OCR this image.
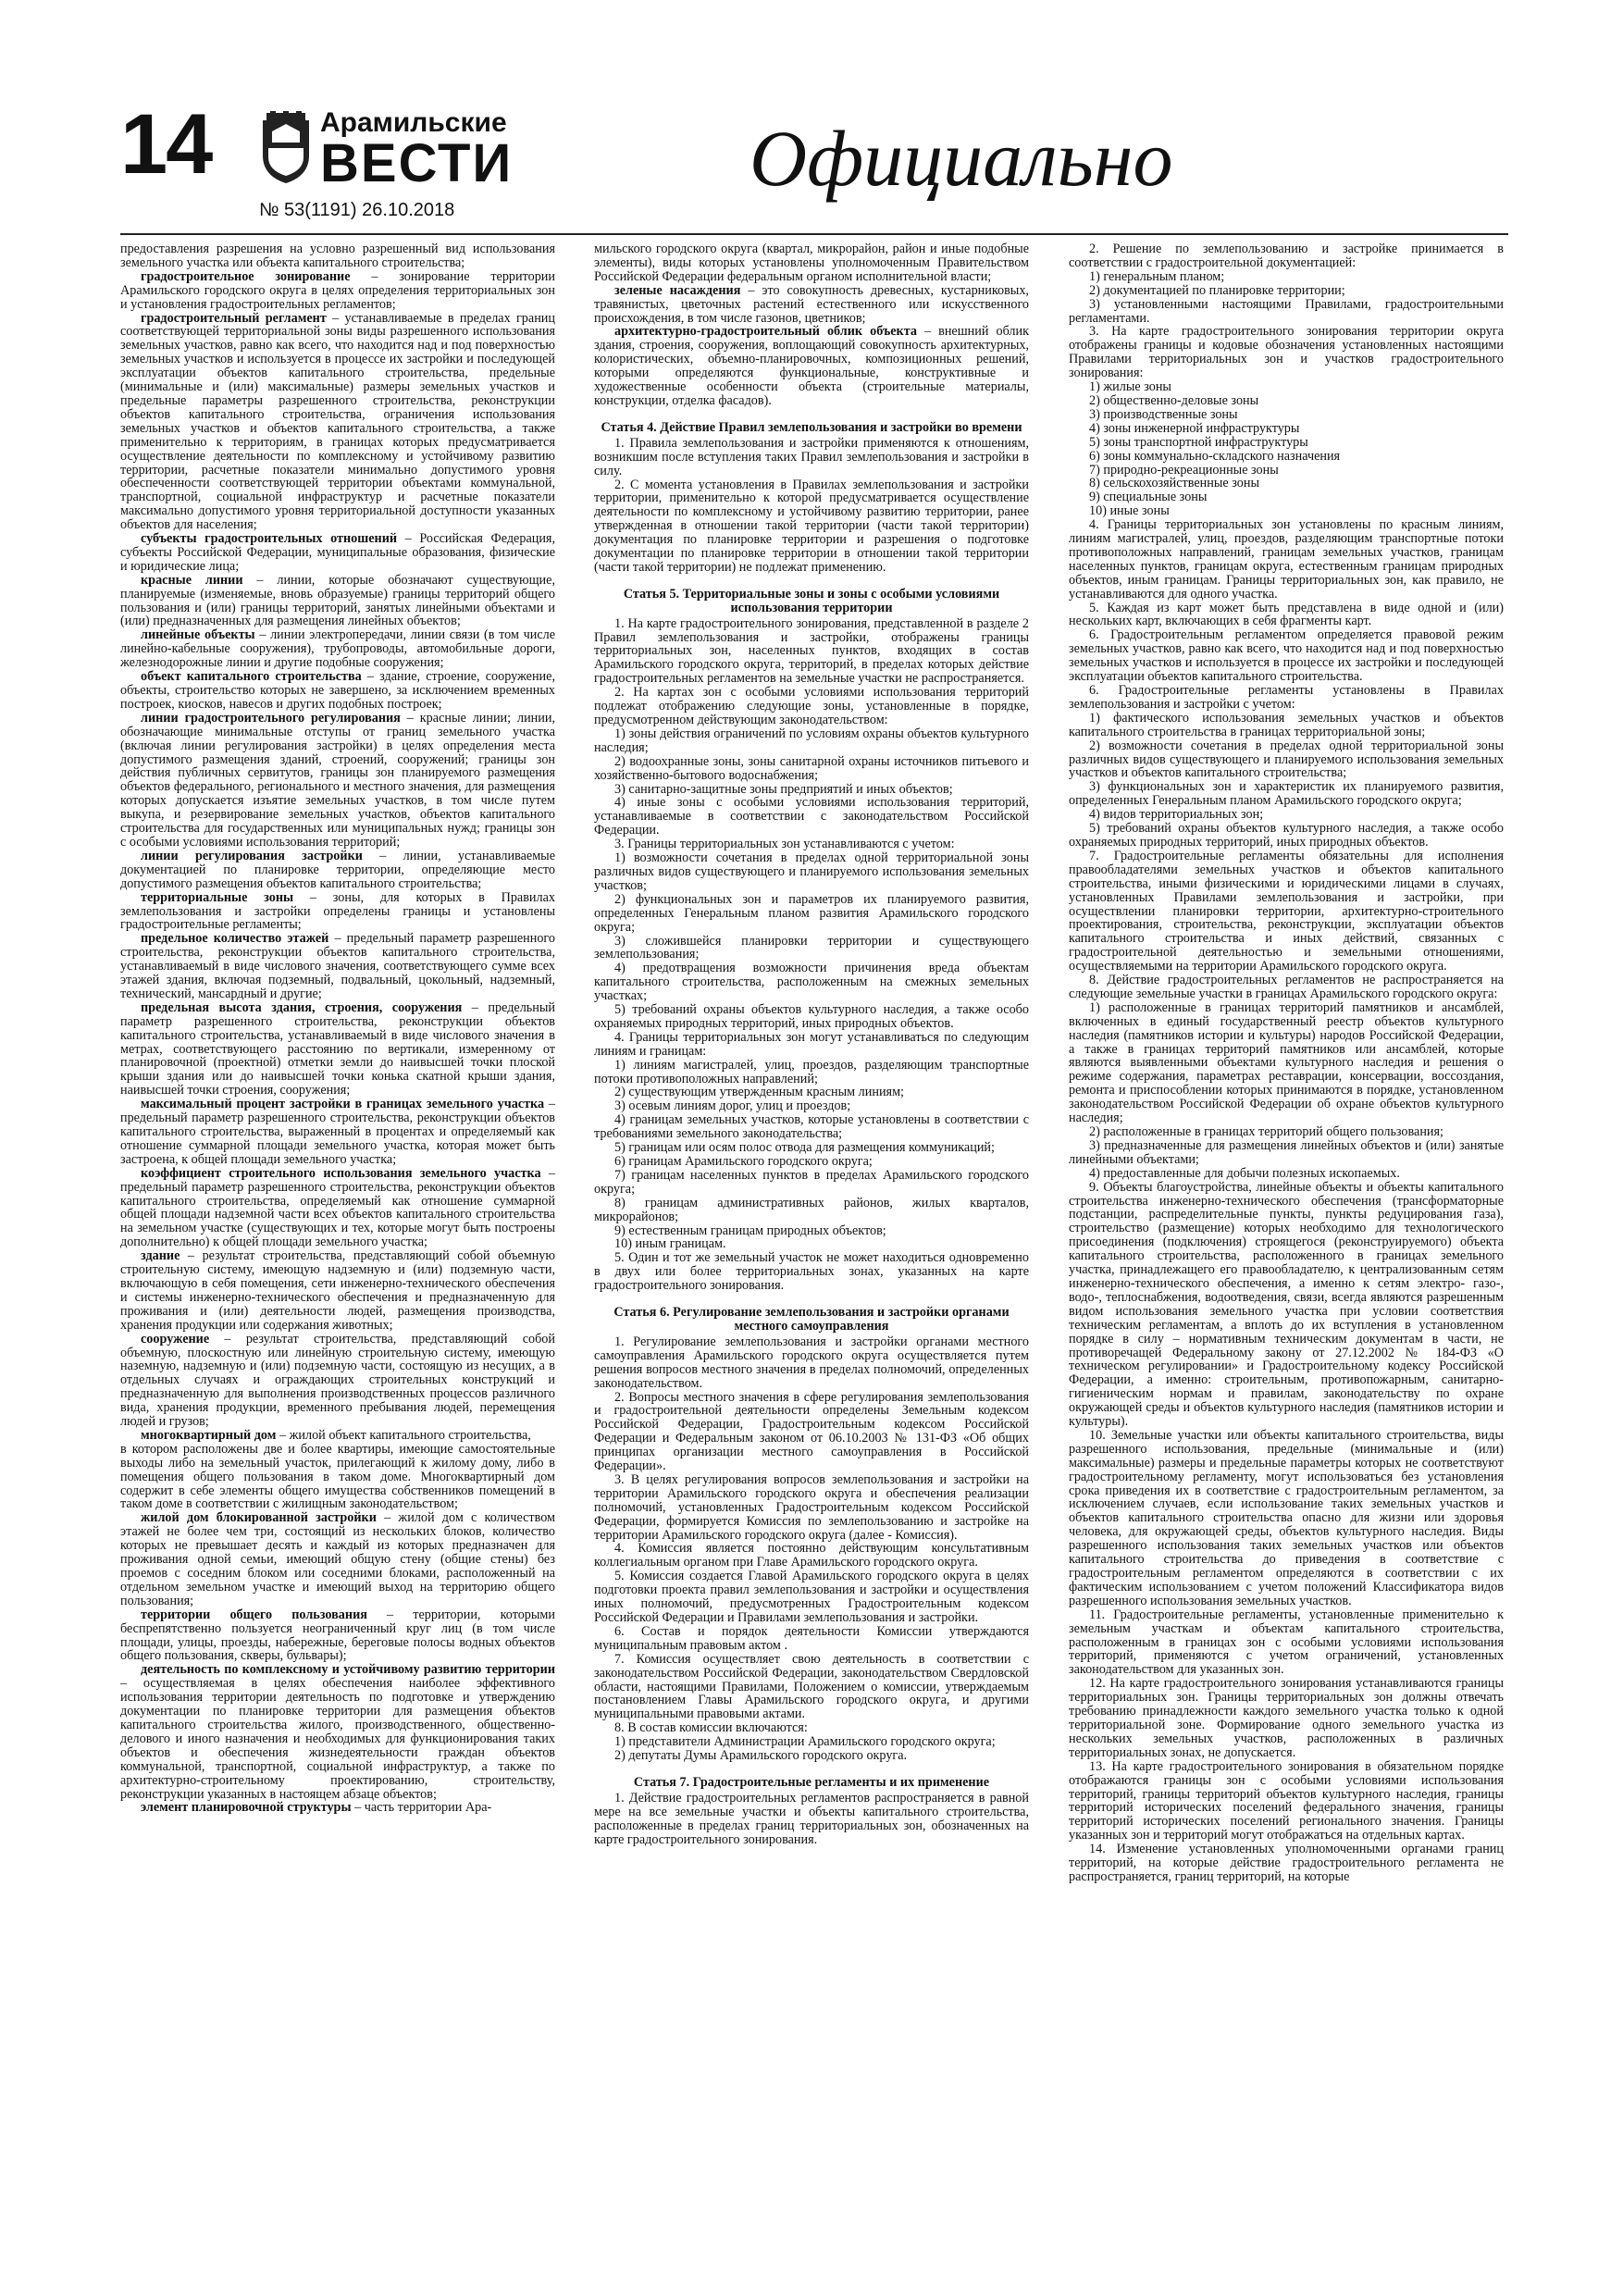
14	Арамильские
ВЕСТИ
№ 53(1191) 26.10.2018
Официально

предоставления разрешения на условно разрешенный вид использования земельного участка или объекта капитального строительства;

градостроительное зонирование – зонирование территории Арамильского городского округа в целях определения территориальных зон и установления градостроительных регламентов;

градостроительный регламент – устанавливаемые в пределах границ соответствующей территориальной зоны виды разрешенного использования земельных участков, равно как всего, что находится над и под поверхностью земельных участков и используется в процессе их застройки и последующей эксплуатации объектов капитального строительства, предельные (минимальные и (или) максимальные) размеры земельных участков и предельные параметры разрешенного строительства, реконструкции объектов капитального строительства, ограничения использования земельных участков и объектов капитального строительства, а также применительно к территориям, в границах которых предусматривается осуществление деятельности по комплексному и устойчивому развитию территории, расчетные показатели минимально допустимого уровня обеспеченности соответствующей территории объектами коммунальной, транспортной, социальной инфраструктур и расчетные показатели максимально допустимого уровня территориальной доступности указанных объектов для населения;

субъекты градостроительных отношений – Российская Федерация, субъекты Российской Федерации, муниципальные образования, физические и юридические лица;

красные линии – линии, которые обозначают существующие, планируемые (изменяемые, вновь образуемые) границы территорий общего пользования и (или) границы территорий, занятых линейными объектами и (или) предназначенных для размещения линейных объектов;

линейные объекты – линии электропередачи, линии связи (в том числе линейно-кабельные сооружения), трубопроводы, автомобильные дороги, железнодорожные линии и другие подобные сооружения;

объект капитального строительства – здание, строение, сооружение, объекты, строительство которых не завершено, за исключением временных построек, киосков, навесов и других подобных построек;

линии градостроительного регулирования – красные линии; линии, обозначающие минимальные отступы от границ земельного участка (включая линии регулирования застройки) в целях определения места допустимого размещения зданий, строений, сооружений; границы зон действия публичных сервитутов, границы зон планируемого размещения объектов федерального, регионального и местного значения, для размещения которых допускается изъятие земельных участков, в том числе путем выкупа, и резервирование земельных участков, объектов капитального строительства для государственных или муниципальных нужд; границы зон с особыми условиями использования территорий;

линии регулирования застройки – линии, устанавливаемые документацией по планировке территории, определяющие место допустимого размещения объектов капитального строительства;

территориальные зоны – зоны, для которых в Правилах землепользования и застройки определены границы и установлены градостроительные регламенты;

предельное количество этажей – предельный параметр разрешенного строительства, реконструкции объектов капитального строительства, устанавливаемый в виде числового значения, соответствующего сумме всех этажей здания, включая подземный, подвальный, цокольный, надземный, технический, мансардный и другие;

предельная высота здания, строения, сооружения – предельный параметр разрешенного строительства, реконструкции объектов капитального строительства, устанавливаемый в виде числового значения в метрах, соответствующего расстоянию по вертикали, измеренному от планировочной (проектной) отметки земли до наивысшей точки плоской крыши здания или до наивысшей точки конька скатной крыши здания, наивысшей точки строения, сооружения;

максимальный процент застройки в границах земельного участка – предельный параметр разрешенного строительства, реконструкции объектов капитального строительства, выраженный в процентах и определяемый как отношение суммарной площади земельного участка, которая может быть застроена, к общей площади земельного участка;

коэффициент строительного использования земельного участка – предельный параметр разрешенного строительства, реконструкции объектов капитального строительства, определяемый как отношение суммарной общей площади надземной части всех объектов капитального строительства на земельном участке (существующих и тех, которые могут быть построены дополнительно) к общей площади земельного участка;

здание – результат строительства, представляющий собой объемную строительную систему, имеющую надземную и (или) подземную части, включающую в себя помещения, сети инженерно-технического обеспечения и системы инженерно-технического обеспечения и предназначенную для проживания и (или) деятельности людей, размещения производства, хранения продукции или содержания животных;

сооружение – результат строительства, представляющий собой объемную, плоскостную или линейную строительную систему, имеющую наземную, надземную и (или) подземную части, состоящую из несущих, а в отдельных случаях и ограждающих строительных конструкций и предназначенную для выполнения производственных процессов различного вида, хранения продукции, временного пребывания людей, перемещения людей и грузов;

многоквартирный дом – жилой объект капитального строительства,

в котором расположены две и более квартиры, имеющие самостоятельные выходы либо на земельный участок, прилегающий к жилому дому, либо в помещения общего пользования в таком доме. Многоквартирный дом содержит в себе элементы общего имущества собственников помещений в таком доме в соответствии с жилищным законодательством;

жилой дом блокированной застройки – жилой дом с количеством этажей не более чем три, состоящий из нескольких блоков, количество которых не превышает десять и каждый из которых предназначен для проживания одной семьи, имеющий общую стену (общие стены) без проемов с соседним блоком или соседними блоками, расположенный на отдельном земельном участке и имеющий выход на территорию общего пользования;

территории общего пользования – территории, которыми беспрепятственно пользуется неограниченный круг лиц (в том числе площади, улицы, проезды, набережные, береговые полосы водных объектов общего пользования, скверы, бульвары);

деятельность по комплексному и устойчивому развитию территории – осуществляемая в целях обеспечения наиболее эффективного использования территории деятельность по подготовке и утверждению документации по планировке территории для размещения объектов капитального строительства жилого, производственного, общественно-делового и иного назначения и необходимых для функционирования таких объектов и обеспечения жизнедеятельности граждан объектов коммунальной, транспортной, социальной инфраструктур, а также по архитектурно-строительному проектированию, строительству, реконструкции указанных в настоящем абзаце объектов;

элемент планировочной структуры – часть территории Ара-

мильского городского округа (квартал, микрорайон, район и иные подобные элементы), виды которых установлены уполномоченным Правительством Российской Федерации федеральным органом исполнительной власти;

зеленые насаждения – это совокупность древесных, кустарниковых, травянистых, цветочных растений естественного или искусственного происхождения, в том числе газонов, цветников;

архитектурно-градостроительный облик объекта – внешний облик здания, строения, сооружения, воплощающий совокупность архитектурных, колористических, объемно-планировочных, композиционных решений, которыми определяются функциональные, конструктивные и художественные особенности объекта (строительные материалы, конструкции, отделка фасадов).

Статья 4. Действие Правил землепользования и застройки во времени

1. Правила землепользования и застройки применяются к отношениям, возникшим после вступления таких Правил землепользования и застройки в силу.

2. С момента установления в Правилах землепользования и застройки территории, применительно к которой предусматривается осуществление деятельности по комплексному и устойчивому развитию территории, ранее утвержденная в отношении такой территории (части такой территории) документация по планировке территории и разрешения о подготовке документации по планировке территории в отношении такой территории (части такой территории) не подлежат применению.

Статья 5. Территориальные зоны и зоны с особыми условиями использования территории

1. На карте градостроительного зонирования, представленной в разделе 2 Правил землепользования и застройки, отображены границы территориальных зон, населенных пунктов, входящих в состав Арамильского городского округа, территорий, в пределах которых действие градостроительных регламентов на земельные участки не распространяется.

2. На картах зон с особыми условиями использования территорий подлежат отображению следующие зоны, установленные в порядке, предусмотренном действующим законодательством:

1) зоны действия ограничений по условиям охраны объектов культурного наследия;

2) водоохранные зоны, зоны санитарной охраны источников питьевого и хозяйственно-бытового водоснабжения;

3) санитарно-защитные зоны предприятий и иных объектов;

4) иные зоны с особыми условиями использования территорий, устанавливаемые в соответствии с законодательством Российской Федерации.

3. Границы территориальных зон устанавливаются с учетом:

1) возможности сочетания в пределах одной территориальной зоны различных видов существующего и планируемого использования земельных участков;

2) функциональных зон и параметров их планируемого развития, определенных Генеральным планом развития Арамильского городского округа;

3) сложившейся планировки территории и существующего землепользования;

4) предотвращения возможности причинения вреда объектам капитального строительства, расположенным на смежных земельных участках;

5) требований охраны объектов культурного наследия, а также особо охраняемых природных территорий, иных природных объектов.

4. Границы территориальных зон могут устанавливаться по следующим линиям и границам:

1) линиям магистралей, улиц, проездов, разделяющим транспортные потоки противоположных направлений;

2) существующим утвержденным красным линиям;

3) осевым линиям дорог, улиц и проездов;

4) границам земельных участков, которые установлены в соответствии с требованиями земельного законодательства;

5) границам или осям полос отвода для размещения коммуникаций;

6) границам Арамильского городского округа;

7) границам населенных пунктов в пределах Арамильского городского округа;

8) границам административных районов, жилых кварталов, микрорайонов;

9) естественным границам природных объектов;

10) иным границам.

5. Один и тот же земельный участок не может находиться одновременно в двух или более территориальных зонах, указанных на карте градостроительного зонирования.

Статья 6. Регулирование землепользования и застройки органами местного самоуправления

1. Регулирование землепользования и застройки органами местного самоуправления Арамильского городского округа осуществляется путем решения вопросов местного значения в пределах полномочий, определенных законодательством.

2. Вопросы местного значения в сфере регулирования землепользования и градостроительной деятельности определены Земельным кодексом Российской Федерации, Градостроительным кодексом Российской Федерации и Федеральным законом от 06.10.2003 № 131-ФЗ «Об общих принципах организации местного самоуправления в Российской Федерации».

3. В целях регулирования вопросов землепользования и застройки на территории Арамильского городского округа и обеспечения реализации полномочий, установленных Градостроительным кодексом Российской Федерации, формируется Комиссия по землепользованию и застройке на территории Арамильского городского округа (далее - Комиссия).

4. Комиссия является постоянно действующим консультативным коллегиальным органом при Главе Арамильского городского округа.

5. Комиссия создается Главой Арамильского городского округа в целях подготовки проекта правил землепользования и застройки и осуществления иных полномочий, предусмотренных Градостроительным кодексом Российской Федерации и Правилами землепользования и застройки.

6. Состав и порядок деятельности Комиссии утверждаются муниципальным правовым актом .

7. Комиссия осуществляет свою деятельность в соответствии с законодательством Российской Федерации, законодательством Свердловской области, настоящими Правилами, Положением о комиссии, утверждаемым постановлением Главы Арамильского городского округа, и другими муниципальными правовыми актами.

8. В состав комиссии включаются:

1) представители Администрации Арамильского городского округа;

2) депутаты Думы Арамильского городского округа.

Статья 7. Градостроительные регламенты и их применение

1. Действие градостроительных регламентов распространяется в равной мере на все земельные участки и объекты капитального строительства, расположенные в пределах границ территориальных зон, обозначенных на карте градостроительного зонирования.

2. Решение по землепользованию и застройке принимается в соответствии с градостроительной документацией:

1) генеральным планом;

2) документацией по планировке территории;

3) установленными настоящими Правилами, градостроительными регламентами.

3. На карте градостроительного зонирования территории округа отображены границы и кодовые обозначения установленных настоящими Правилами территориальных зон и участков градостроительного зонирования:

1) жилые зоны

2) общественно-деловые зоны

3) производственные зоны

4) зоны инженерной инфраструктуры

5) зоны транспортной инфраструктуры

6) зоны коммунально-складского назначения

7) природно-рекреационные зоны

8) сельскохозяйственные зоны

9) специальные зоны

10) иные зоны

4. Границы территориальных зон установлены по красным линиям, линиям магистралей, улиц, проездов, разделяющим транспортные потоки противоположных направлений, границам земельных участков, границам населенных пунктов, границам округа, естественным границам природных объектов, иным границам. Границы территориальных зон, как правило, не устанавливаются для одного участка.

5. Каждая из карт может быть представлена в виде одной и (или) нескольких карт, включающих в себя фрагменты карт.

6. Градостроительным регламентом определяется правовой режим земельных участков, равно как всего, что находится над и под поверхностью земельных участков и используется в процессе их застройки и последующей эксплуатации объектов капитального строительства.

6. Градостроительные регламенты установлены в Правилах землепользования и застройки с учетом:

1) фактического использования земельных участков и объектов капитального строительства в границах территориальной зоны;

2) возможности сочетания в пределах одной территориальной зоны различных видов существующего и планируемого использования земельных участков и объектов капитального строительства;

3) функциональных зон и характеристик их планируемого развития, определенных Генеральным планом Арамильского городского округа;

4) видов территориальных зон;

5) требований охраны объектов культурного наследия, а также особо охраняемых природных территорий, иных природных объектов.

7. Градостроительные регламенты обязательны для исполнения правообладателями земельных участков и объектов капитального строительства, иными физическими и юридическими лицами в случаях, установленных Правилами землепользования и застройки, при осуществлении планировки территории, архитектурно-строительного проектирования, строительства, реконструкции, эксплуатации объектов капитального строительства и иных действий, связанных с градостроительной деятельностью и земельными отношениями, осуществляемыми на территории Арамильского городского округа.

8. Действие градостроительных регламентов не распространяется на следующие земельные участки в границах Арамильского городского округа:

1) расположенные в границах территорий памятников и ансамблей, включенных в единый государственный реестр объектов культурного наследия (памятников истории и культуры) народов Российской Федерации, а также в границах территорий памятников или ансамблей, которые являются выявленными объектами культурного наследия и решения о режиме содержания, параметрах реставрации, консервации, воссоздания, ремонта и приспособлении которых принимаются в порядке, установленном законодательством Российской Федерации об охране объектов культурного наследия;

2) расположенные в границах территорий общего пользования;

3) предназначенные для размещения линейных объектов и (или) занятые линейными объектами;

4) предоставленные для добычи полезных ископаемых.

9. Объекты благоустройства, линейные объекты и объекты капитального строительства инженерно-технического обеспечения (трансформаторные подстанции, распределительные пункты, пункты редуцирования газа), строительство (размещение) которых необходимо для технологического присоединения (подключения) строящегося (реконструируемого) объекта капитального строительства, расположенного в границах земельного участка, принадлежащего его правообладателю, к централизованным сетям инженерно-технического обеспечения, а именно к сетям электро- газо-, водо-, теплоснабжения, водоотведения, связи, всегда являются разрешенным видом использования земельного участка при условии соответствия техническим регламентам, а вплоть до их вступления в установленном порядке в силу – нормативным техническим документам в части, не противоречащей Федеральному закону от 27.12.2002 № 184-ФЗ «О техническом регулировании» и Градостроительному кодексу Российской Федерации, а именно: строительным, противопожарным, санитарно-гигиеническим нормам и правилам, законодательству по охране окружающей среды и объектов культурного наследия (памятников истории и культуры).

10. Земельные участки или объекты капитального строительства, виды разрешенного использования, предельные (минимальные и (или) максимальные) размеры и предельные параметры которых не соответствуют градостроительному регламенту, могут использоваться без установления срока приведения их в соответствие с градостроительным регламентом, за исключением случаев, если использование таких земельных участков и объектов капитального строительства опасно для жизни или здоровья человека, для окружающей среды, объектов культурного наследия. Виды разрешенного использования таких земельных участков или объектов капитального строительства до приведения в соответствие с градостроительным регламентом определяются в соответствии с их фактическим использованием с учетом положений Классификатора видов разрешенного использования земельных участков.

11. Градостроительные регламенты, установленные применительно к земельным участкам и объектам капитального строительства, расположенным в границах зон с особыми условиями использования территорий, применяются с учетом ограничений, установленных законодательством для указанных зон.

12. На карте градостроительного зонирования устанавливаются границы территориальных зон. Границы территориальных зон должны отвечать требованию принадлежности каждого земельного участка только к одной территориальной зоне. Формирование одного земельного участка из нескольких земельных участков, расположенных в различных территориальных зонах, не допускается.

13. На карте градостроительного зонирования в обязательном порядке отображаются границы зон с особыми условиями использования территорий, границы территорий объектов культурного наследия, границы территорий исторических поселений федерального значения, границы территорий исторических поселений регионального значения. Границы указанных зон и территорий могут отображаться на отдельных картах.

14. Изменение установленных уполномоченными органами границ территорий, на которые действие градостроительного регламента не распространяется, границ территорий, на которые
